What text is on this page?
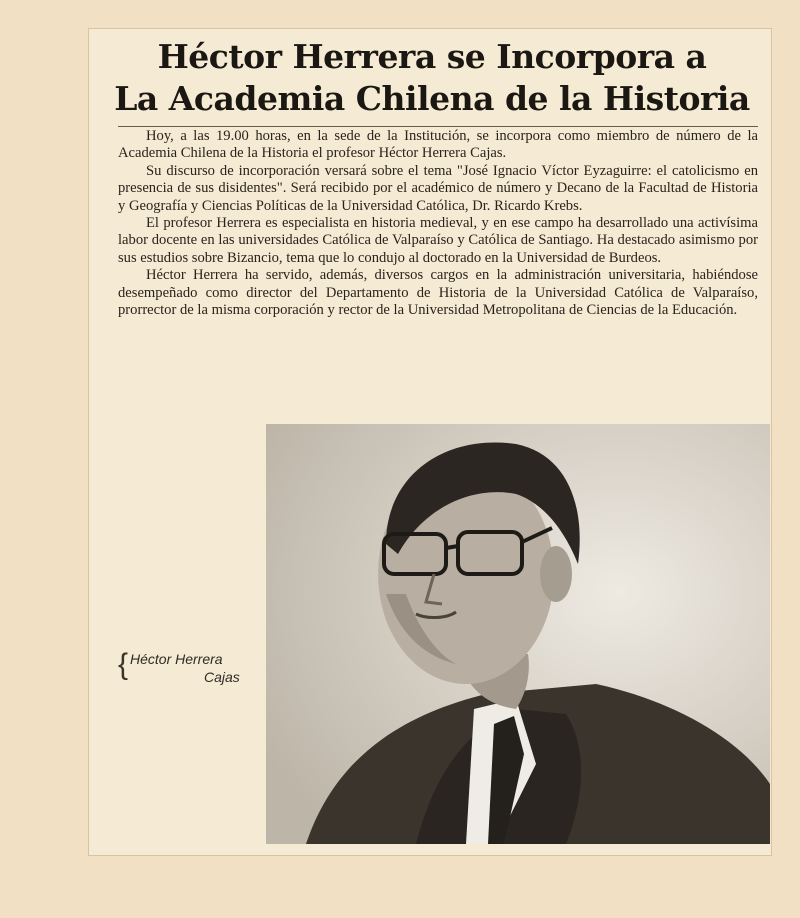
Héctor Herrera se Incorpora a
La Academia Chilena de la Historia

Hoy, a las 19.00 horas, en la sede de la Institución, se incorpora como miembro de número de la Academia Chilena de la Historia el profesor Héctor Herrera Cajas.

Su discurso de incorporación versará sobre el tema "José Ignacio Víctor Eyzaguirre: el catolicismo en presencia de sus disidentes". Será recibido por el académico de número y Decano de la Facultad de Historia y Geografía y Ciencias Políticas de la Universidad Católica, Dr. Ricardo Krebs.

El profesor Herrera es especialista en historia medieval, y en ese campo ha desarrollado una activísima labor docente en las universidades Católica de Valparaíso y Católica de Santiago. Ha destacado asimismo por sus estudios sobre Bizancio, tema que lo condujo al doctorado en la Universidad de Burdeos.

Héctor Herrera ha servido, además, diversos cargos en la administración universitaria, habiéndose desempeñado como director del Departamento de Historia de la Universidad Católica de Valparaíso, prorrector de la misma corporación y rector de la Universidad Metropolitana de Ciencias de la Educación.

{ Héctor Herrera
Cajas
